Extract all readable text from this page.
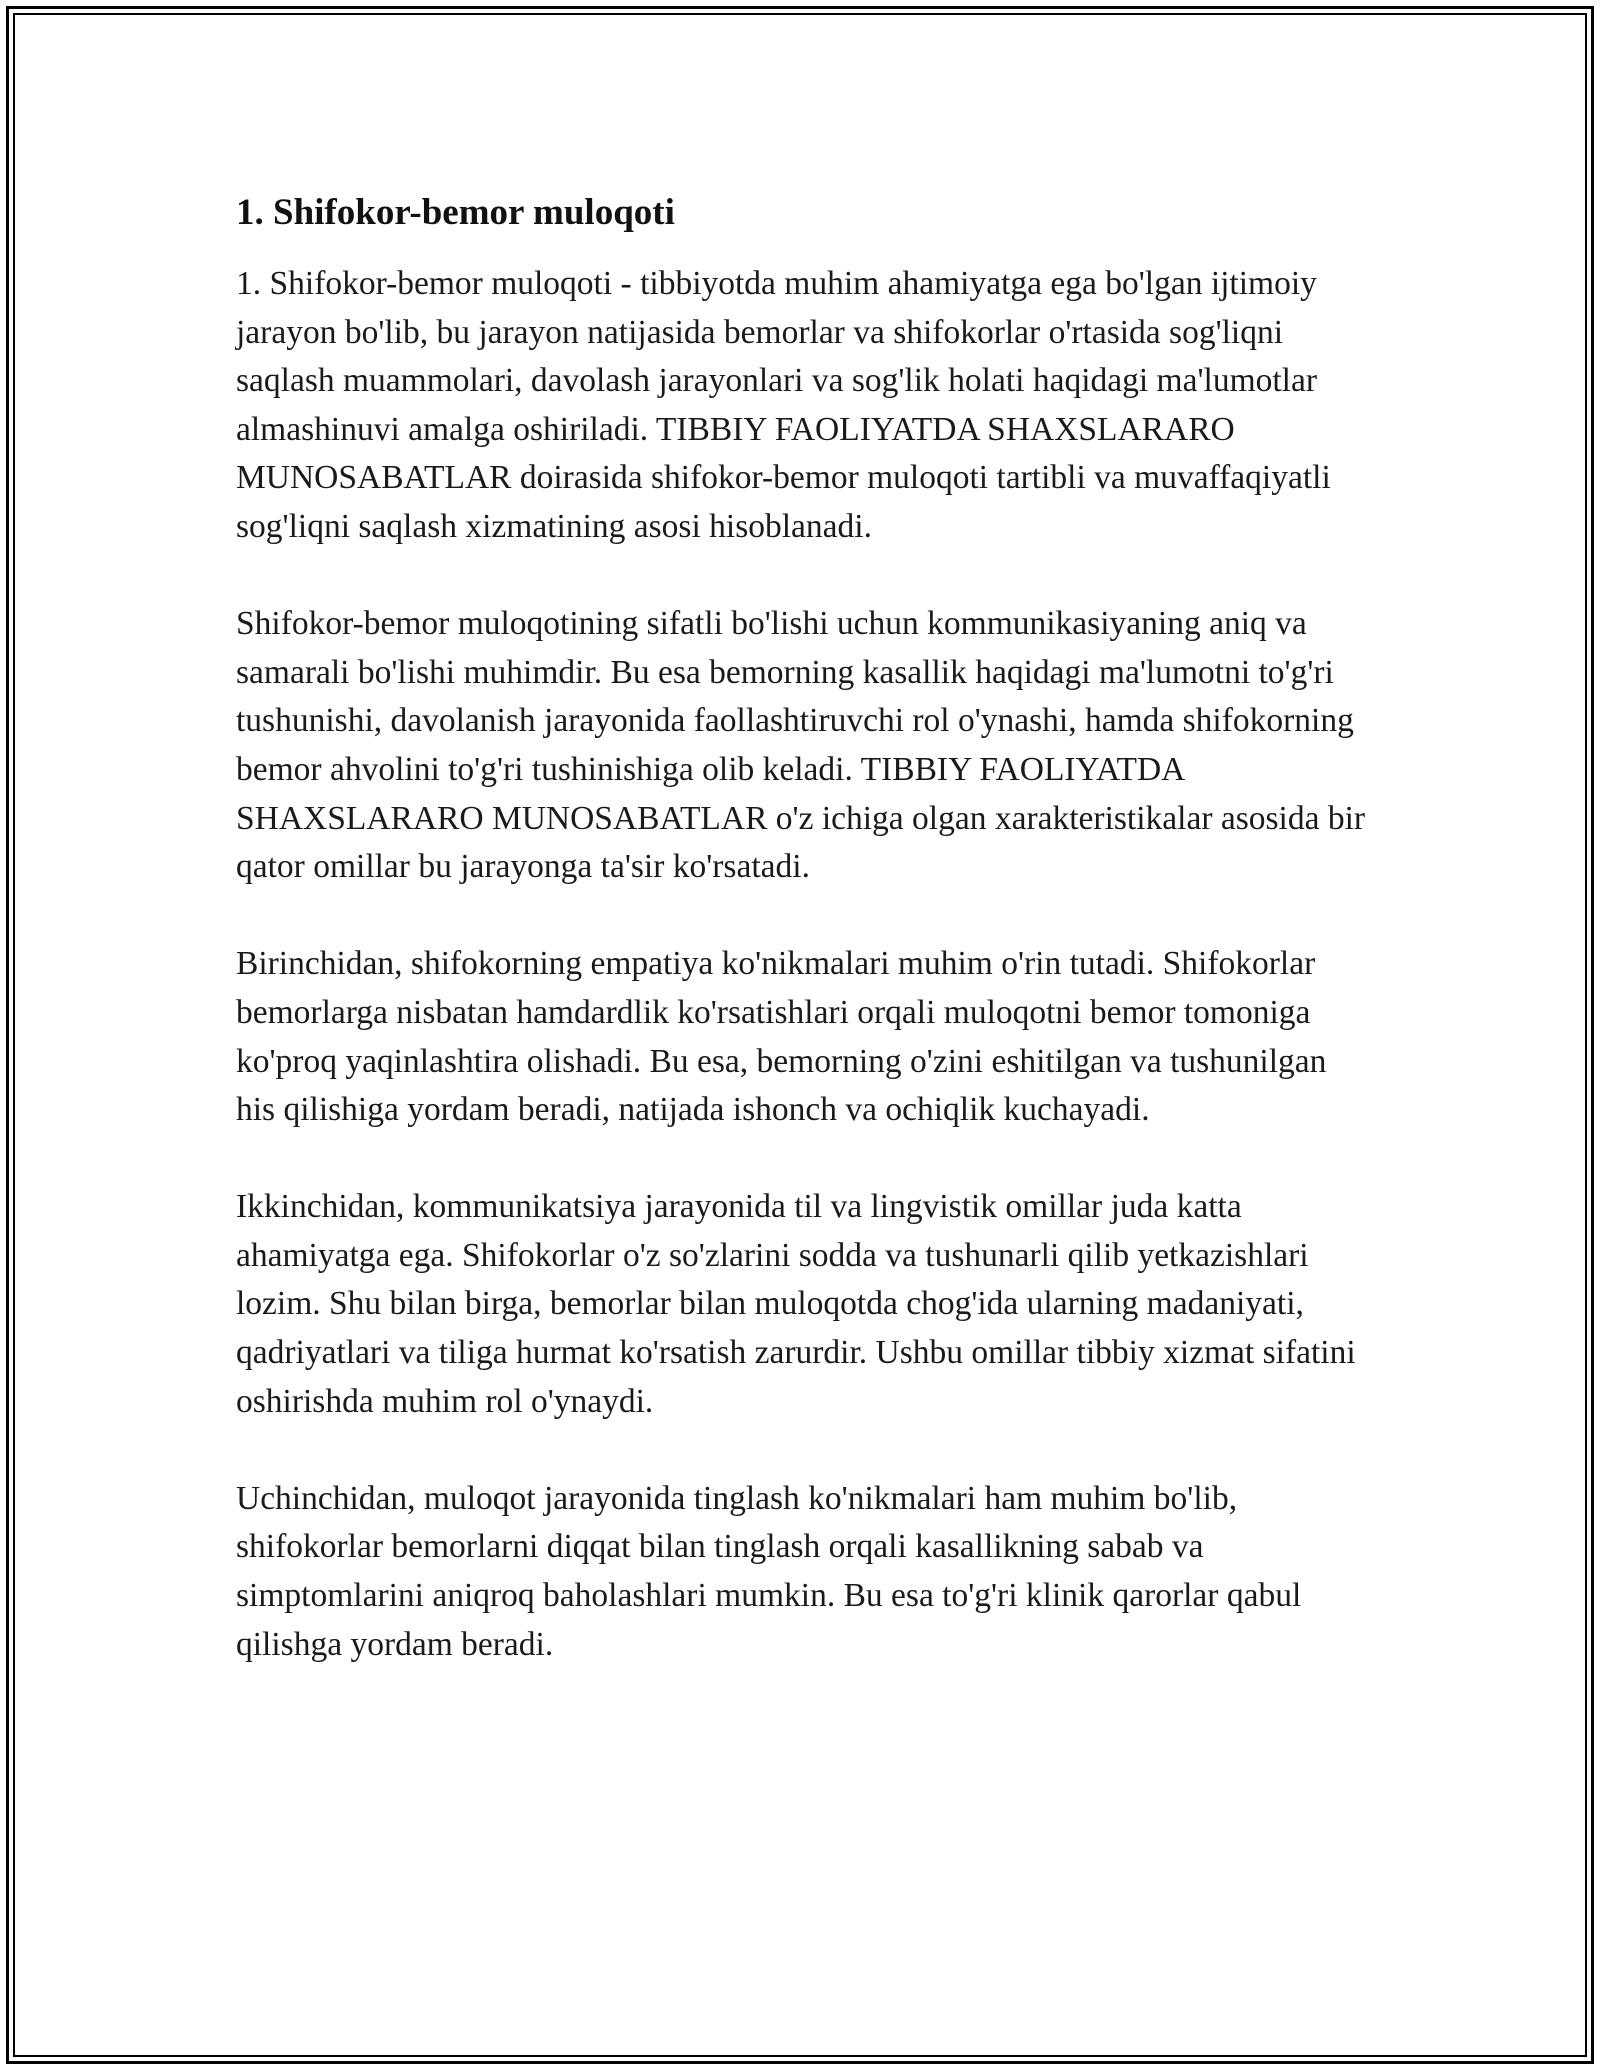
1. Shifokor-bemor muloqoti

1. Shifokor-bemor muloqoti - tibbiyotda muhim ahamiyatga ega bo'lgan ijtimoiy jarayon bo'lib, bu jarayon natijasida bemorlar va shifokorlar o'rtasida sog'liqni saqlash muammolari, davolash jarayonlari va sog'lik holati haqidagi ma'lumotlar almashinuvi amalga oshiriladi. TIBBIY FAOLIYATDA SHAXSLARARO MUNOSABATLAR doirasida shifokor-bemor muloqoti tartibli va muvaffaqiyatli sog'liqni saqlash xizmatining asosi hisoblanadi.

Shifokor-bemor muloqotining sifatli bo'lishi uchun kommunikasiyaning aniq va samarali bo'lishi muhimdir. Bu esa bemorning kasallik haqidagi ma'lumotni to'g'ri tushunishi, davolanish jarayonida faollashtiruvchi rol o'ynashi, hamda shifokorning bemor ahvolini to'g'ri tushinishiga olib keladi. TIBBIY FAOLIYATDA SHAXSLARARO MUNOSABATLAR o'z ichiga olgan xarakteristikalar asosida bir qator omillar bu jarayonga ta'sir ko'rsatadi.

Birinchidan, shifokorning empatiya ko'nikmalari muhim o'rin tutadi. Shifokorlar bemorlarga nisbatan hamdardlik ko'rsatishlari orqali muloqotni bemor tomoniga ko'proq yaqinlashtira olishadi. Bu esa, bemorning o'zini eshitilgan va tushunilgan his qilishiga yordam beradi, natijada ishonch va ochiqlik kuchayadi.

Ikkinchidan, kommunikatsiya jarayonida til va lingvistik omillar juda katta ahamiyatga ega. Shifokorlar o'z so'zlarini sodda va tushunarli qilib yetkazishlari lozim. Shu bilan birga, bemorlar bilan muloqotda chog'ida ularning madaniyati, qadriyatlari va tiliga hurmat ko'rsatish zarurdir. Ushbu omillar tibbiy xizmat sifatini oshirishda muhim rol o'ynaydi.

Uchinchidan, muloqot jarayonida tinglash ko'nikmalari ham muhim bo'lib, shifokorlar bemorlarni diqqat bilan tinglash orqali kasallikning sabab va simptomlarini aniqroq baholashlari mumkin. Bu esa to'g'ri klinik qarorlar qabul qilishga yordam beradi.
